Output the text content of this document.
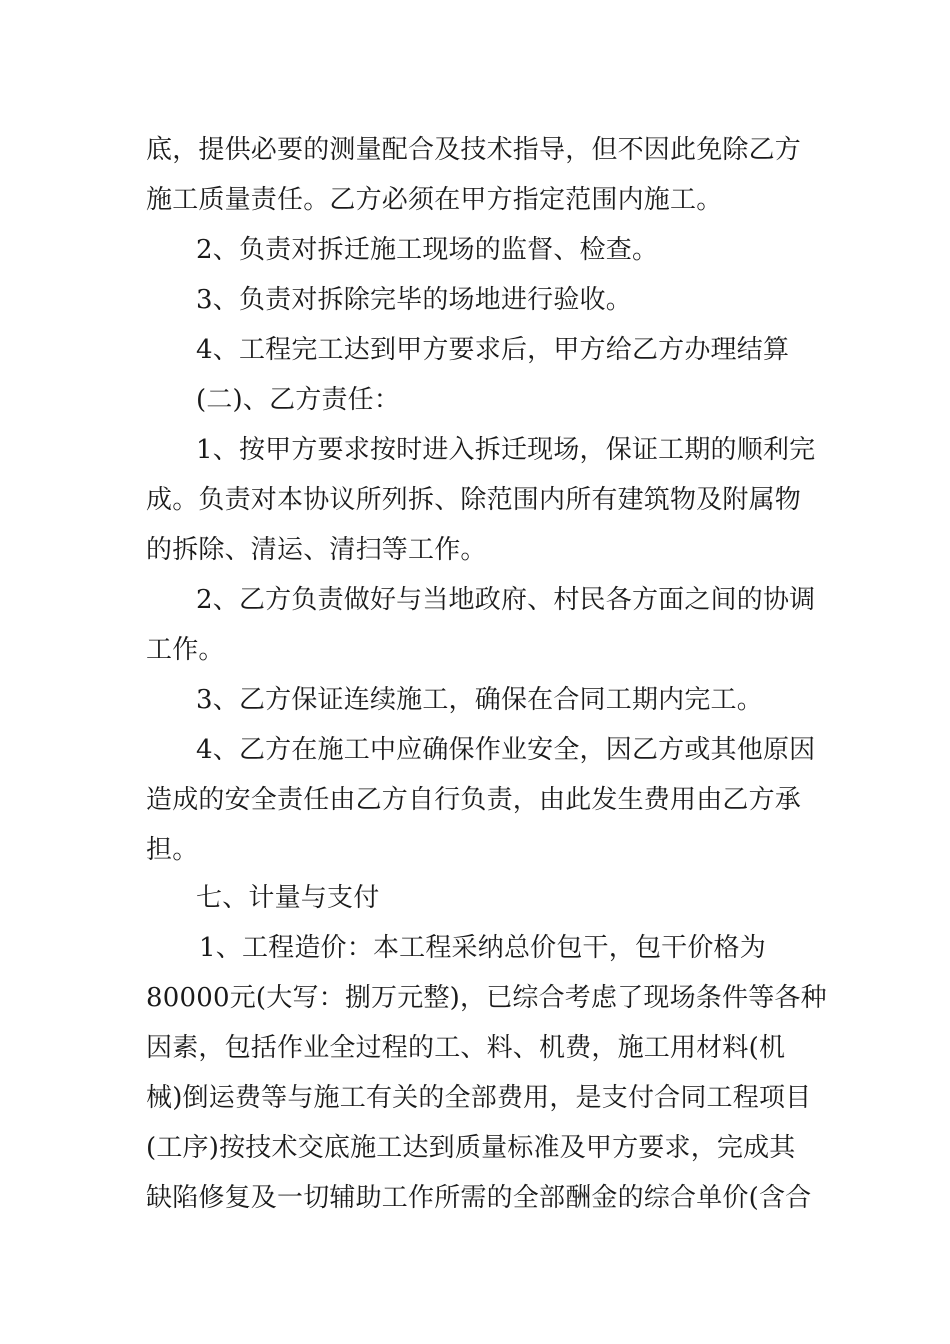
底，提供必要的测量配合及技术指导，但不因此免除乙方
施工质量责任。乙方必须在甲方指定范围内施工。
2、负责对拆迁施工现场的监督、检查。
3、负责对拆除完毕的场地进行验收。
4、工程完工达到甲方要求后，甲方给乙方办理结算
(二)、乙方责任：
1、按甲方要求按时进入拆迁现场，保证工期的顺利完
成。负责对本协议所列拆、除范围内所有建筑物及附属物
的拆除、清运、清扫等工作。
2、乙方负责做好与当地政府、村民各方面之间的协调
工作。
3、乙方保证连续施工，确保在合同工期内完工。
4、乙方在施工中应确保作业安全，因乙方或其他原因
造成的安全责任由乙方自行负责，由此发生费用由乙方承
担。
七、计量与支付
1、工程造价：本工程采纳总价包干，包干价格为
80000元(大写：捌万元整)，已综合考虑了现场条件等各种
因素，包括作业全过程的工、料、机费，施工用材料(机
械)倒运费等与施工有关的全部费用，是支付合同工程项目
(工序)按技术交底施工达到质量标准及甲方要求，完成其
缺陷修复及一切辅助工作所需的全部酬金的综合单价(含合
